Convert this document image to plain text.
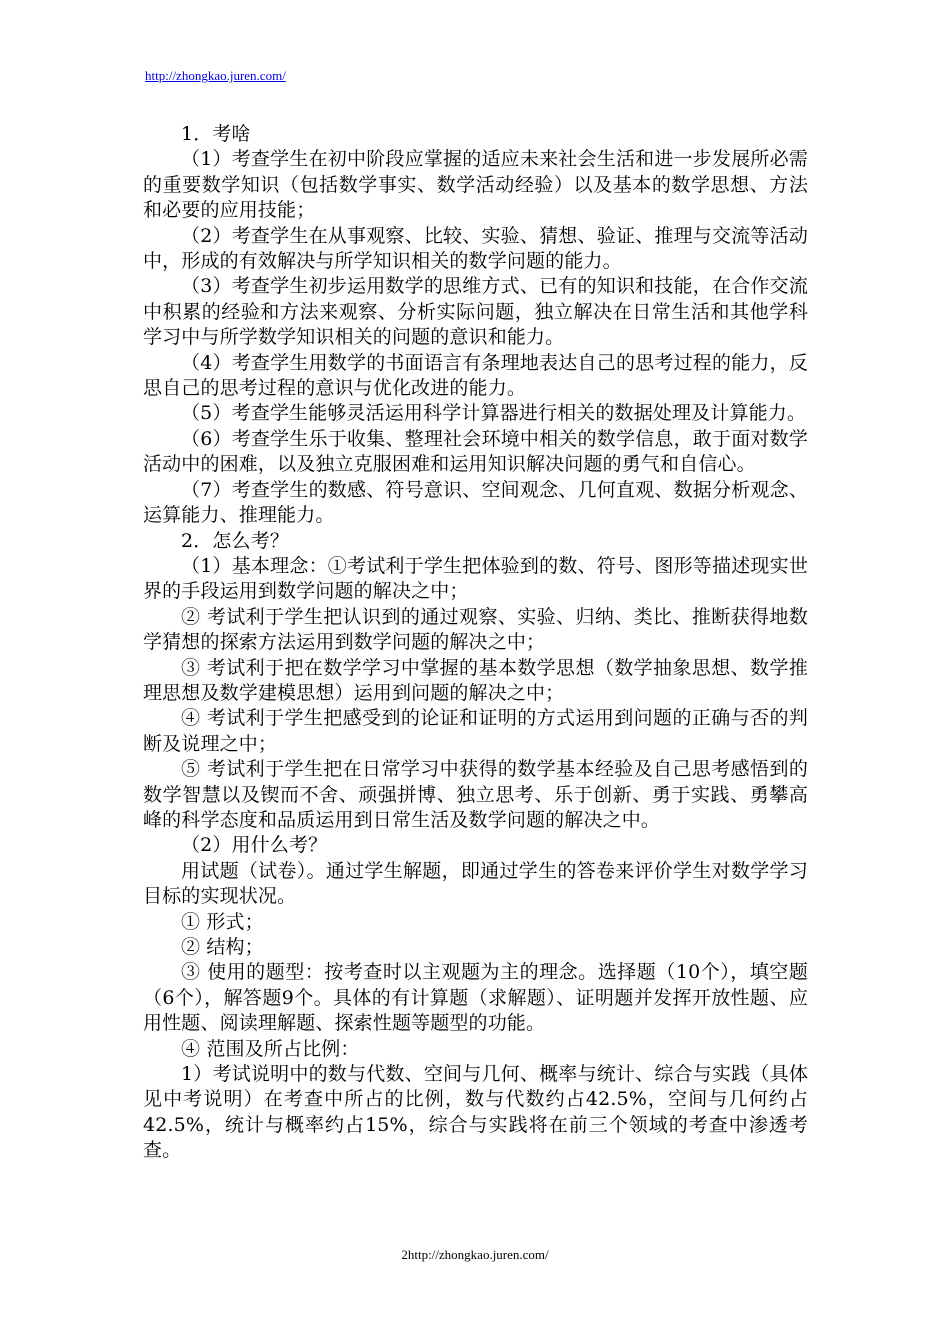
http://zhongkao.juren.com/

1．考啥

（1）考查学生在初中阶段应掌握的适应未来社会生活和进一步发展所必需的重要数学知识（包括数学事实、数学活动经验）以及基本的数学思想、方法和必要的应用技能；

（2）考查学生在从事观察、比较、实验、猜想、验证、推理与交流等活动中，形成的有效解决与所学知识相关的数学问题的能力。

（3）考查学生初步运用数学的思维方式、已有的知识和技能，在合作交流中积累的经验和方法来观察、分析实际问题，独立解决在日常生活和其他学科学习中与所学数学知识相关的问题的意识和能力。

（4）考查学生用数学的书面语言有条理地表达自己的思考过程的能力，反思自己的思考过程的意识与优化改进的能力。

（5）考查学生能够灵活运用科学计算器进行相关的数据处理及计算能力。

（6）考查学生乐于收集、整理社会环境中相关的数学信息，敢于面对数学活动中的困难，以及独立克服困难和运用知识解决问题的勇气和自信心。

（7）考查学生的数感、符号意识、空间观念、几何直观、数据分析观念、运算能力、推理能力。

2．怎么考？

（1）基本理念：①考试利于学生把体验到的数、符号、图形等描述现实世界的手段运用到数学问题的解决之中；

② 考试利于学生把认识到的通过观察、实验、归纳、类比、推断获得地数学猜想的探索方法运用到数学问题的解决之中；

③ 考试利于把在数学学习中掌握的基本数学思想（数学抽象思想、数学推理思想及数学建模思想）运用到问题的解决之中；

④ 考试利于学生把感受到的论证和证明的方式运用到问题的正确与否的判断及说理之中；

⑤ 考试利于学生把在日常学习中获得的数学基本经验及自己思考感悟到的数学智慧以及锲而不舍、顽强拼博、独立思考、乐于创新、勇于实践、勇攀高峰的科学态度和品质运用到日常生活及数学问题的解决之中。

（2）用什么考？

用试题（试卷）。通过学生解题，即通过学生的答卷来评价学生对数学学习目标的实现状况。

① 形式；

② 结构；

③ 使用的题型：按考查时以主观题为主的理念。选择题（10个），填空题（6个），解答题9个。具体的有计算题（求解题）、证明题并发挥开放性题、应用性题、阅读理解题、探索性题等题型的功能。

④ 范围及所占比例：

1）考试说明中的数与代数、空间与几何、概率与统计、综合与实践（具体见中考说明）在考查中所占的比例，数与代数约占42.5%，空间与几何约占42.5%，统计与概率约占15%，综合与实践将在前三个领域的考查中渗透考查。

2http://zhongkao.juren.com/
